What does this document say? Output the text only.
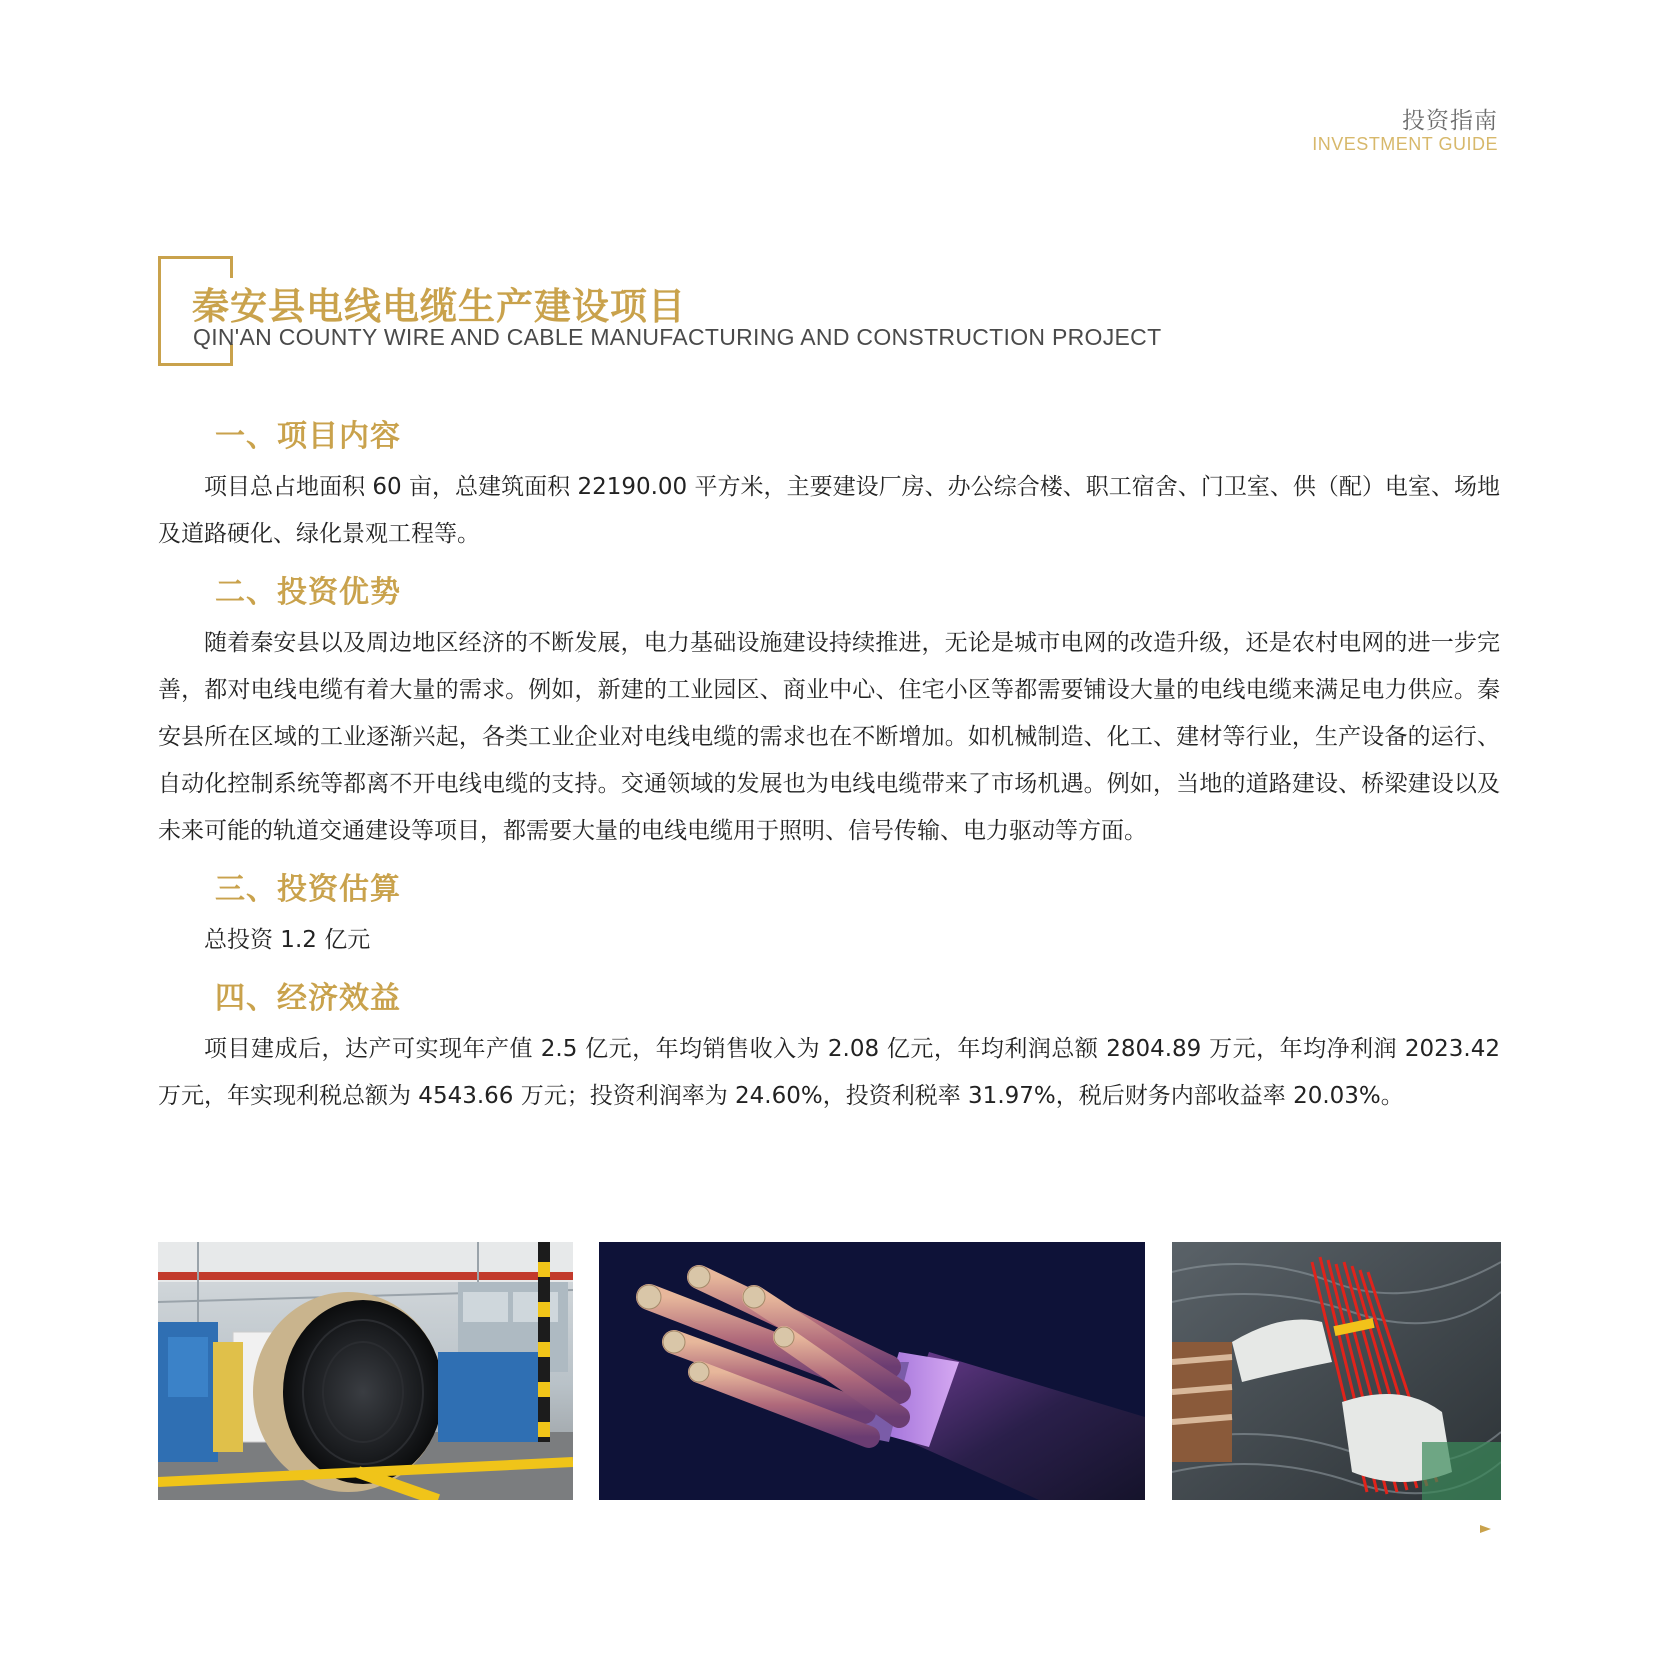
投资指南
INVESTMENT GUIDE
秦安县电线电缆生产建设项目
QIN'AN COUNTY WIRE AND CABLE MANUFACTURING AND CONSTRUCTION PROJECT
一、项目内容

项目总占地面积 60 亩，总建筑面积 22190.00 平方米，主要建设厂房、办公综合楼、职工宿舍、门卫室、供（配）电室、场地及道路硬化、绿化景观工程等。

二、投资优势

随着秦安县以及周边地区经济的不断发展，电力基础设施建设持续推进，无论是城市电网的改造升级，还是农村电网的进一步完善，都对电线电缆有着大量的需求。例如，新建的工业园区、商业中心、住宅小区等都需要铺设大量的电线电缆来满足电力供应。秦安县所在区域的工业逐渐兴起，各类工业企业对电线电缆的需求也在不断增加。如机械制造、化工、建材等行业，生产设备的运行、自动化控制系统等都离不开电线电缆的支持。交通领域的发展也为电线电缆带来了市场机遇。例如，当地的道路建设、桥梁建设以及未来可能的轨道交通建设等项目，都需要大量的电线电缆用于照明、信号传输、电力驱动等方面。

三、投资估算

总投资 1.2 亿元

四、经济效益

项目建成后，达产可实现年产值 2.5 亿元，年均销售收入为 2.08 亿元，年均利润总额 2804.89 万元，年均净利润 2023.42 万元，年实现利税总额为 4543.66 万元；投资利润率为 24.60%，投资利税率 31.97%，税后财务内部收益率 20.03%。
